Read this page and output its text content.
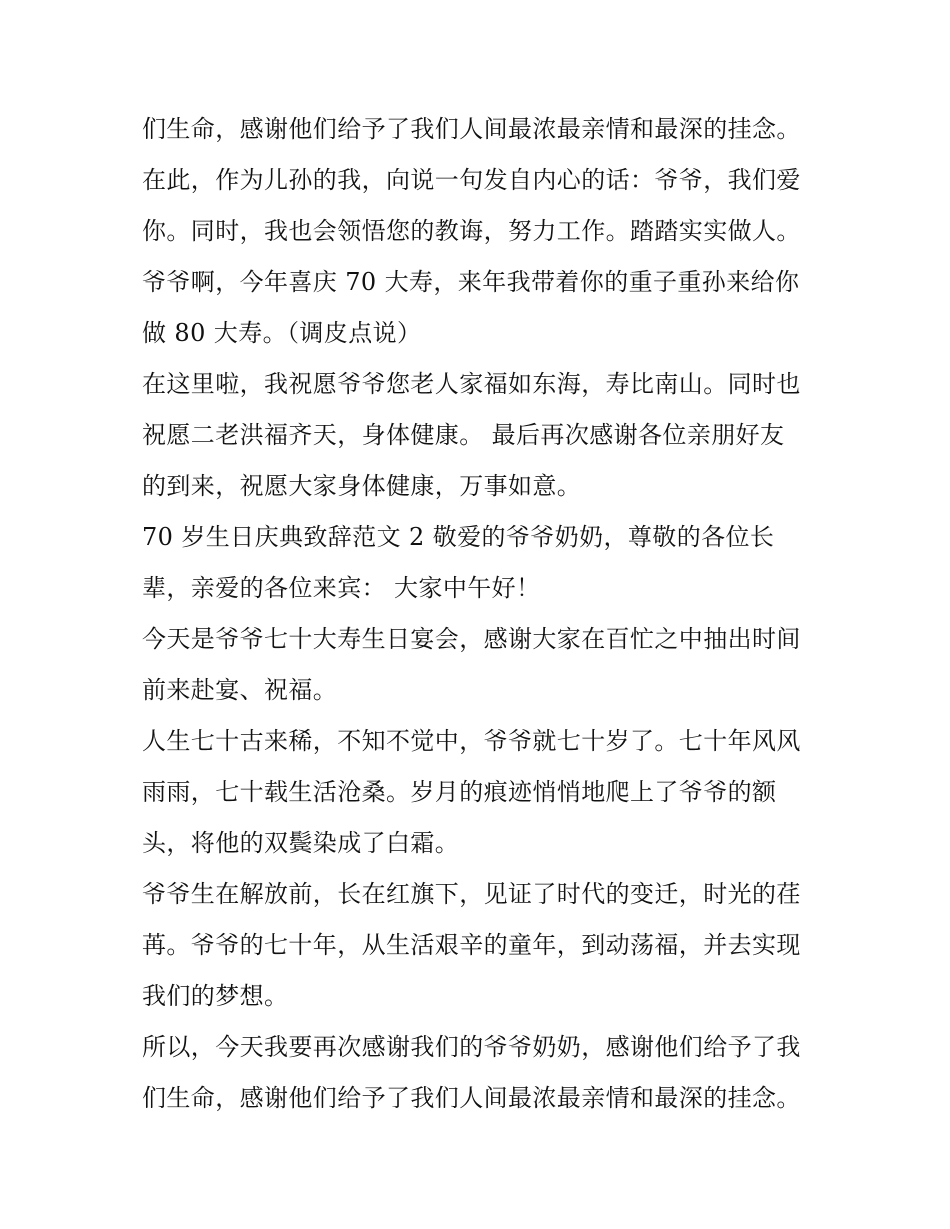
们生命，感谢他们给予了我们人间最浓最亲情和最深的挂念。
在此，作为儿孙的我，向说一句发自内心的话：爷爷，我们爱
你。同时，我也会领悟您的教诲，努力工作。踏踏实实做人。
爷爷啊，今年喜庆 70 大寿，来年我带着你的重子重孙来给你
做 80 大寿。（调皮点说）
在这里啦，我祝愿爷爷您老人家福如东海，寿比南山。同时也
祝愿二老洪福齐天，身体健康。 最后再次感谢各位亲朋好友
的到来，祝愿大家身体健康，万事如意。
70 岁生日庆典致辞范文 2 敬爱的爷爷奶奶，尊敬的各位长
辈，亲爱的各位来宾： 大家中午好！
今天是爷爷七十大寿生日宴会，感谢大家在百忙之中抽出时间
前来赴宴、祝福。
人生七十古来稀，不知不觉中，爷爷就七十岁了。七十年风风
雨雨，七十载生活沧桑。岁月的痕迹悄悄地爬上了爷爷的额
头，将他的双鬓染成了白霜。
爷爷生在解放前，长在红旗下，见证了时代的变迁，时光的荏
苒。爷爷的七十年，从生活艰辛的童年，到动荡福，并去实现
我们的梦想。
所以，今天我要再次感谢我们的爷爷奶奶，感谢他们给予了我
们生命，感谢他们给予了我们人间最浓最亲情和最深的挂念。
